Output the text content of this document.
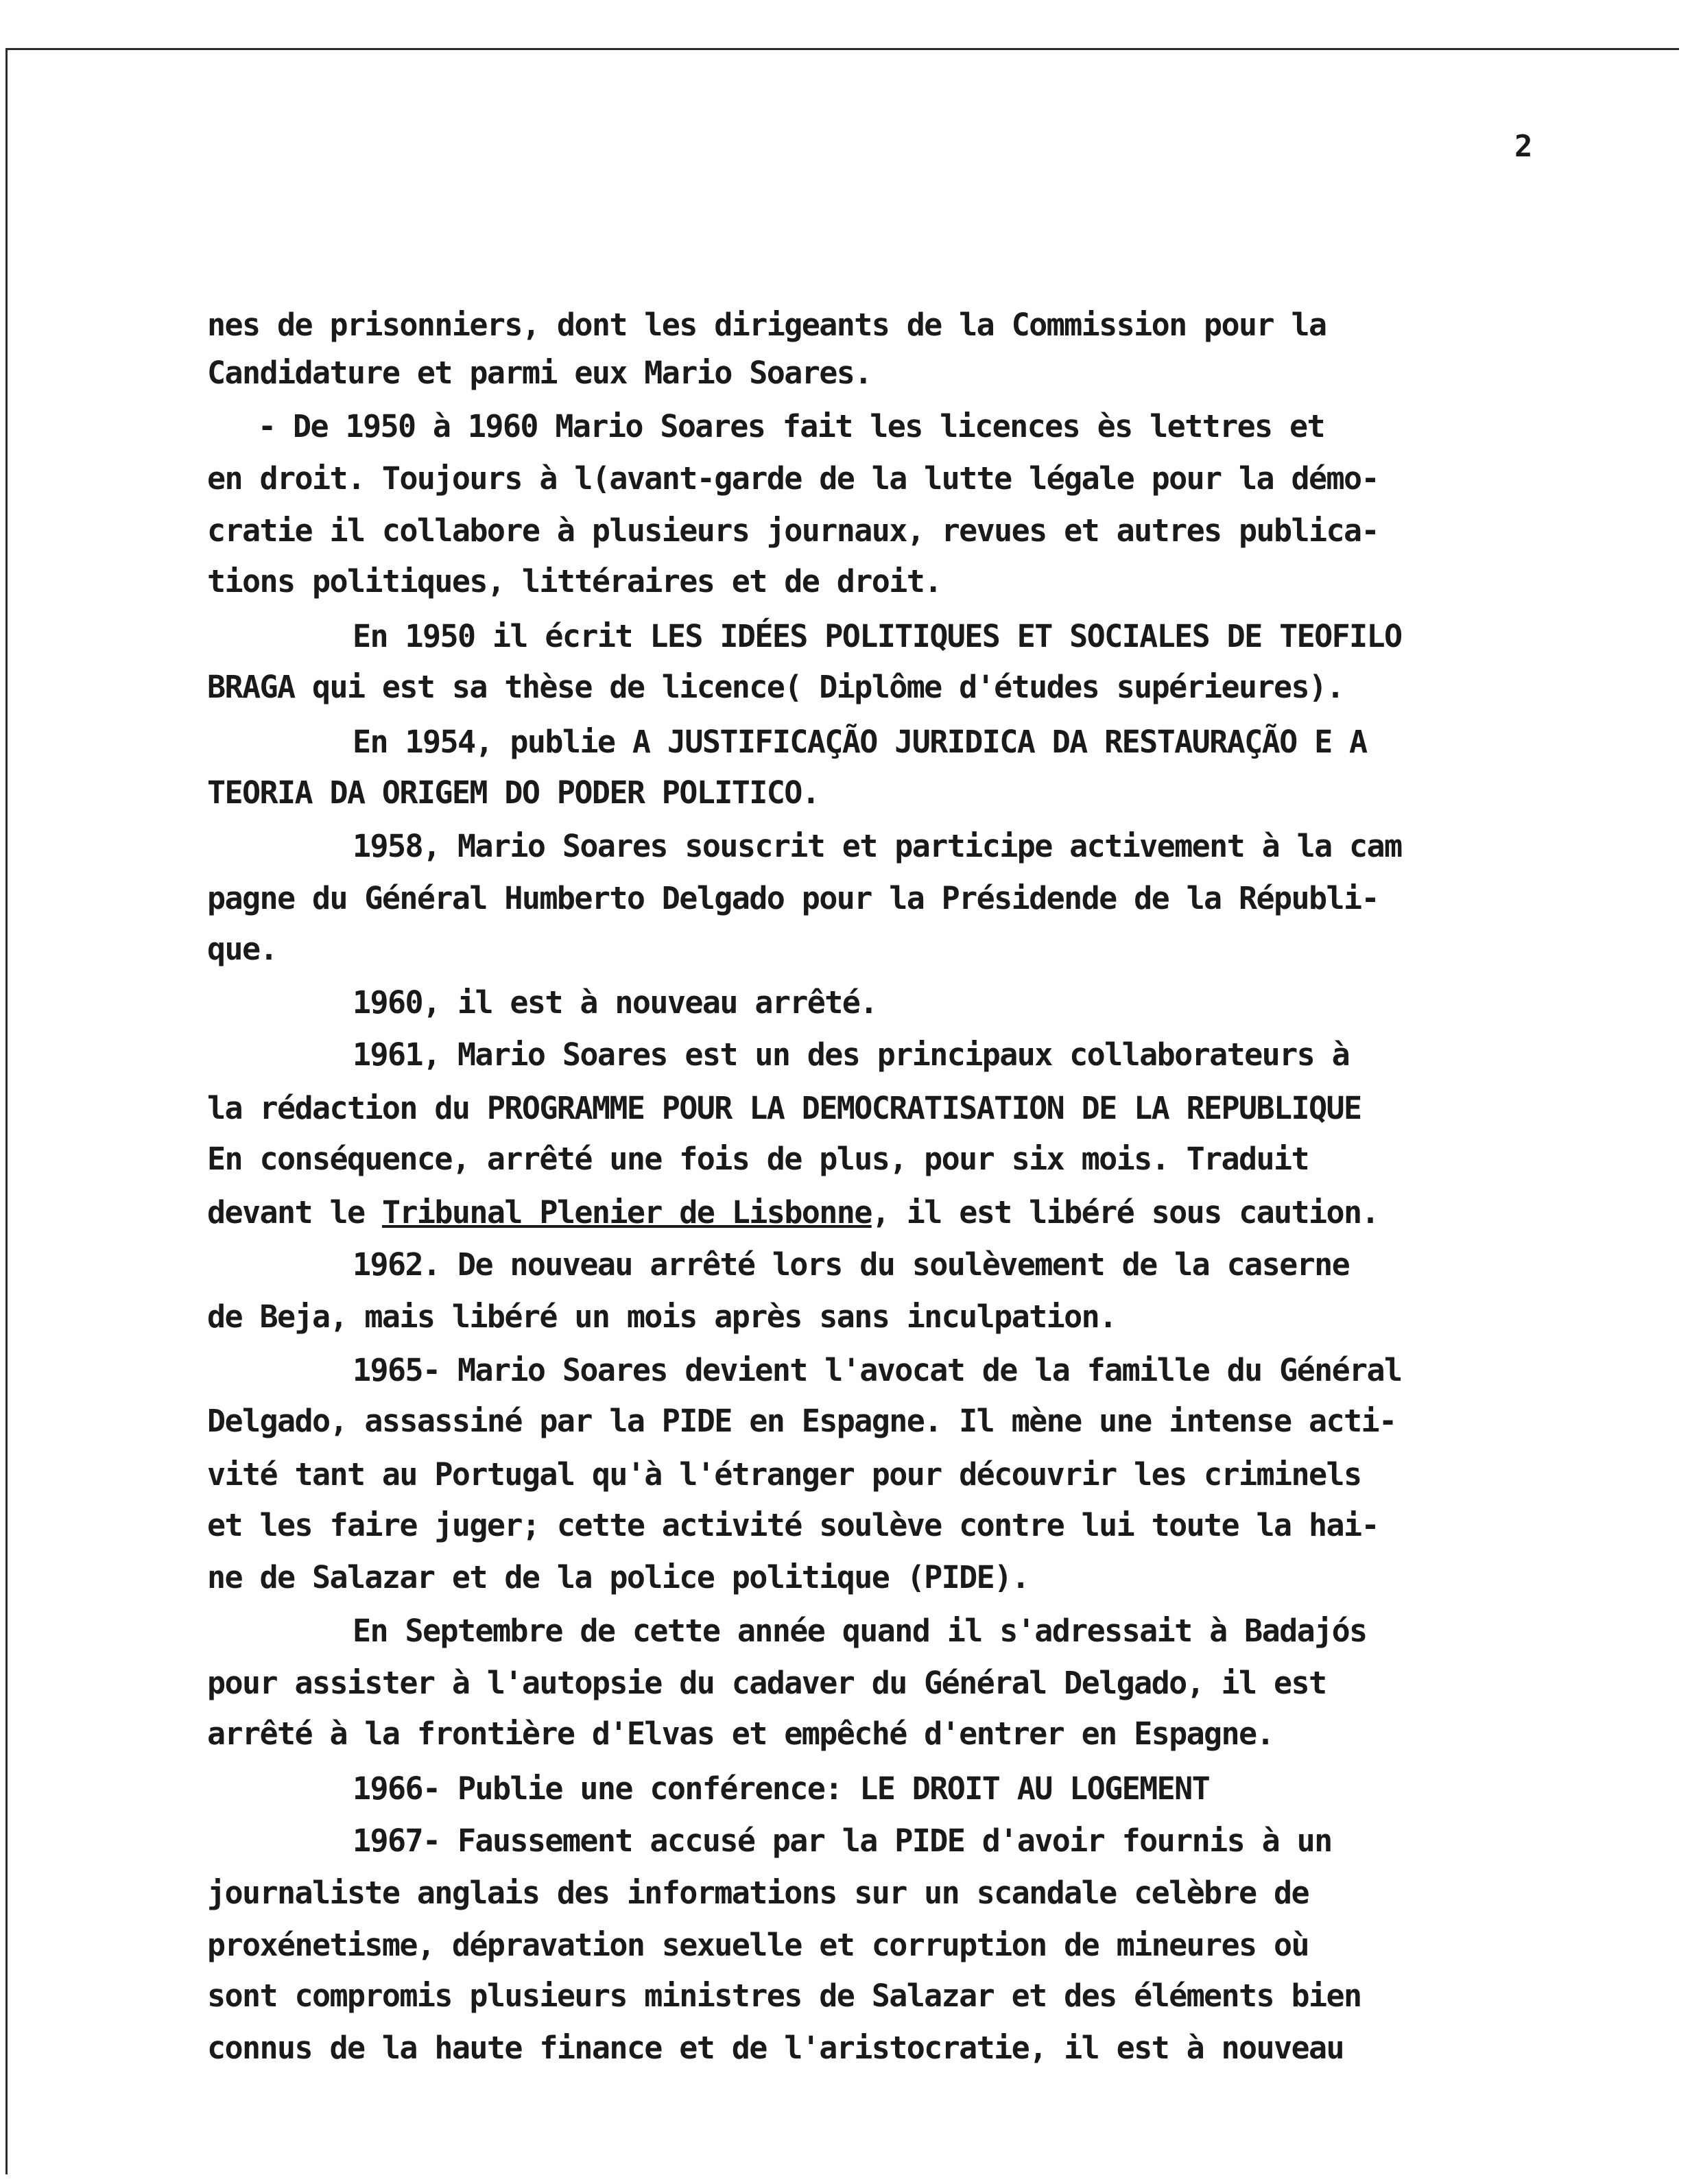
2
nes de prisonniers, dont les dirigeants de la Commission pour la
Candidature et parmi eux Mario Soares.
- De 1950 à 1960 Mario Soares fait les licences ès lettres et
en droit. Toujours à l(avant-garde de la lutte légale pour la démo-
cratie il collabore à plusieurs journaux, revues et autres publica-
tions politiques, littéraires et de droit.
En 1950 il écrit LES IDÉES POLITIQUES ET SOCIALES DE TEOFILO
BRAGA qui est sa thèse de licence( Diplôme d'études supérieures).
En 1954, publie A JUSTIFICAÇÃO JURIDICA DA RESTAURAÇÃO E A
TEORIA DA ORIGEM DO PODER POLITICO.
1958, Mario Soares souscrit et participe activement à la cam
pagne du Général Humberto Delgado pour la Présidende de la Républi-
que.
1960, il est à nouveau arrêté.
1961, Mario Soares est un des principaux collaborateurs à
la rédaction du PROGRAMME POUR LA DEMOCRATISATION DE LA REPUBLIQUE
En conséquence, arrêté une fois de plus, pour six mois. Traduit
devant le Tribunal Plenier de Lisbonne, il est libéré sous caution.
1962. De nouveau arrêté lors du soulèvement de la caserne
de Beja, mais libéré un mois après sans inculpation.
1965- Mario Soares devient l'avocat de la famille du Général
Delgado, assassiné par la PIDE en Espagne. Il mène une intense acti-
vité tant au Portugal qu'à l'étranger pour découvrir les criminels
et les faire juger; cette activité soulève contre lui toute la hai-
ne de Salazar et de la police politique (PIDE).
En Septembre de cette année quand il s'adressait à Badajós
pour assister à l'autopsie du cadaver du Général Delgado, il est
arrêté à la frontière d'Elvas et empêché d'entrer en Espagne.
1966- Publie une conférence: LE DROIT AU LOGEMENT
1967- Faussement accusé par la PIDE d'avoir fournis à un
journaliste anglais des informations sur un scandale celèbre de
proxénetisme, dépravation sexuelle et corruption de mineures où
sont compromis plusieurs ministres de Salazar et des éléments bien
connus de la haute finance et de l'aristocratie, il est à nouveau
